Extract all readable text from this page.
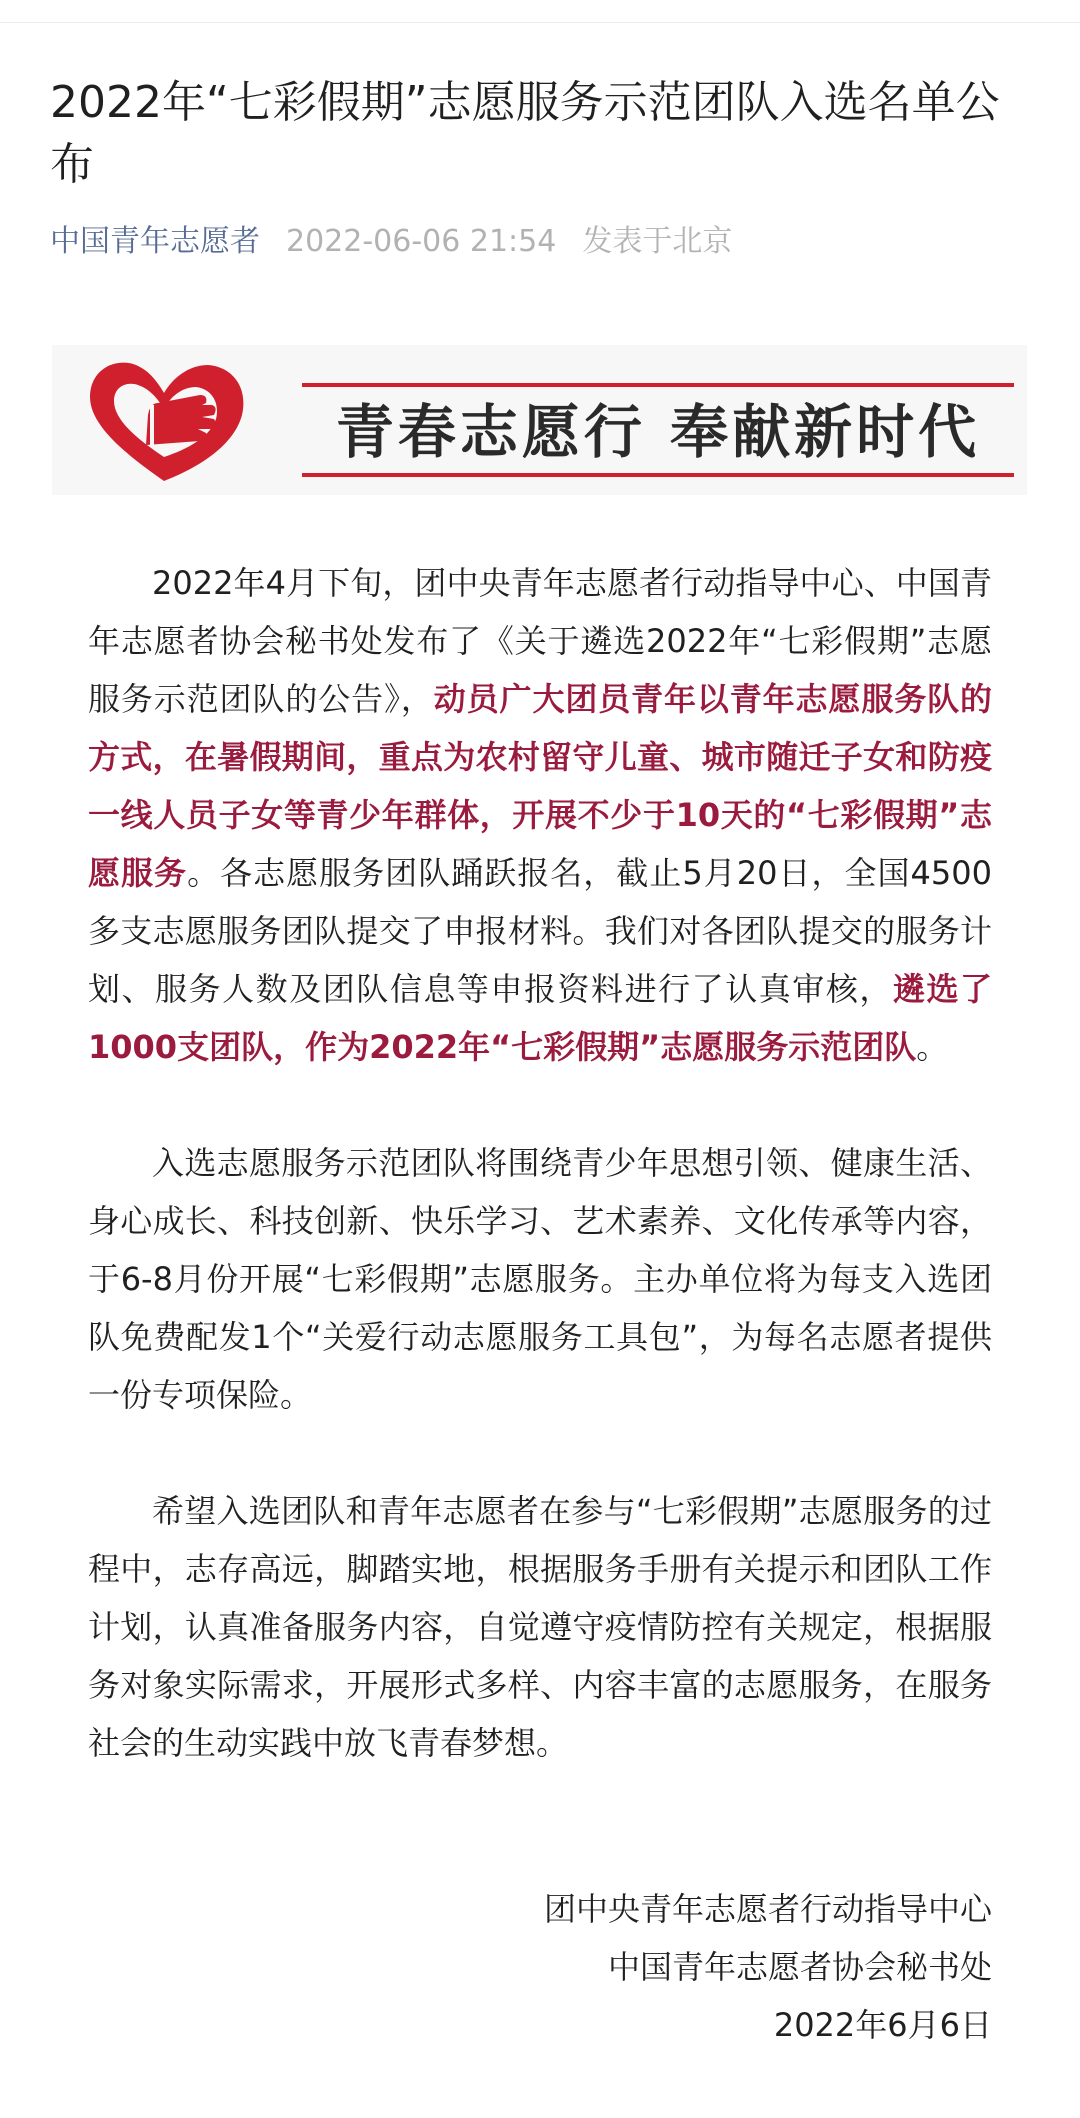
2022年“七彩假期”志愿服务示范团队入选名单公布
中国青年志愿者 2022-06-06 21:54 发表于北京
青春志愿行 奉献新时代

2022年4月下旬，团中央青年志愿者行动指导中心、中国青年志愿者协会秘书处发布了《关于遴选2022年“七彩假期”志愿服务示范团队的公告》，动员广大团员青年以青年志愿服务队的方式，在暑假期间，重点为农村留守儿童、城市随迁子女和防疫一线人员子女等青少年群体，开展不少于10天的“七彩假期”志愿服务。各志愿服务团队踊跃报名，截止5月20日，全国4500多支志愿服务团队提交了申报材料。我们对各团队提交的服务计划、服务人数及团队信息等申报资料进行了认真审核，遴选了1000支团队，作为2022年“七彩假期”志愿服务示范团队。

入选志愿服务示范团队将围绕青少年思想引领、健康生活、身心成长、科技创新、快乐学习、艺术素养、文化传承等内容，于6-8月份开展“七彩假期”志愿服务。主办单位将为每支入选团队免费配发1个“关爱行动志愿服务工具包”，为每名志愿者提供一份专项保险。

希望入选团队和青年志愿者在参与“七彩假期”志愿服务的过程中，志存高远，脚踏实地，根据服务手册有关提示和团队工作计划，认真准备服务内容，自觉遵守疫情防控有关规定，根据服务对象实际需求，开展形式多样、内容丰富的志愿服务，在服务社会的生动实践中放飞青春梦想。

团中央青年志愿者行动指导中心
中国青年志愿者协会秘书处
2022年6月6日
